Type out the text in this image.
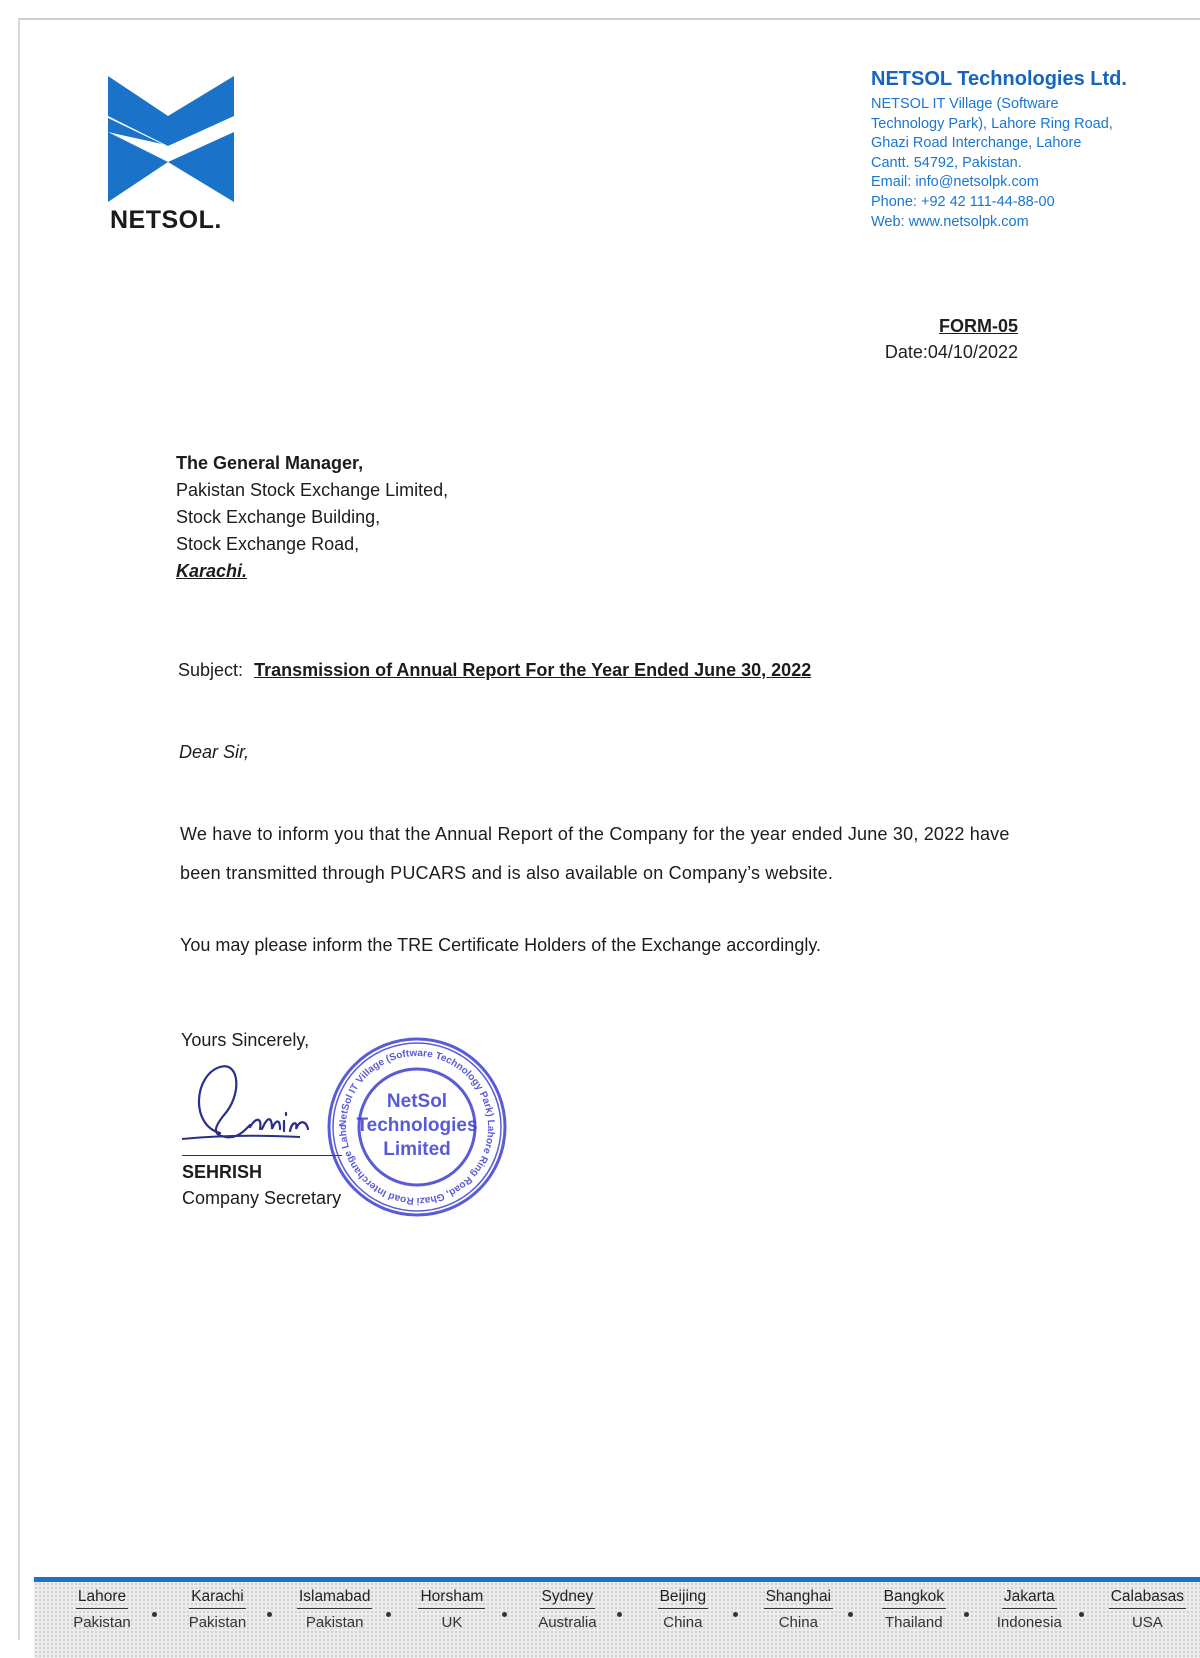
NETSOL.
NETSOL Technologies Ltd.
NETSOL IT Village (Software
Technology Park), Lahore Ring Road,
Ghazi Road Interchange, Lahore
Cantt. 54792, Pakistan.
Email: info@netsolpk.com
Phone: +92 42 111-44-88-00
Web: www.netsolpk.com
FORM-05
Date:04/10/2022
The General Manager,
Pakistan Stock Exchange Limited,
Stock Exchange Building,
Stock Exchange Road,
Karachi.
Subject: Transmission of Annual Report For the Year Ended June 30, 2022
Dear Sir,
We have to inform you that the Annual Report of the Company for the year ended June 30, 2022 have been transmitted through PUCARS and is also available on Company’s website.
You may please inform the TRE Certificate Holders of the Exchange accordingly.
Yours Sincerely,
SEHRISH
Company Secretary
NetSol IT Village (Software Technology Park) Lahore Ring Road, Ghazi Road Interchange Laho
NetSol
Technologies
Limited
Lahore
Pakistan
Karachi
Pakistan
Islamabad
Pakistan
Horsham
UK
Sydney
Australia
Beijing
China
Shanghai
China
Bangkok
Thailand
Jakarta
Indonesia
Calabasas
USA
